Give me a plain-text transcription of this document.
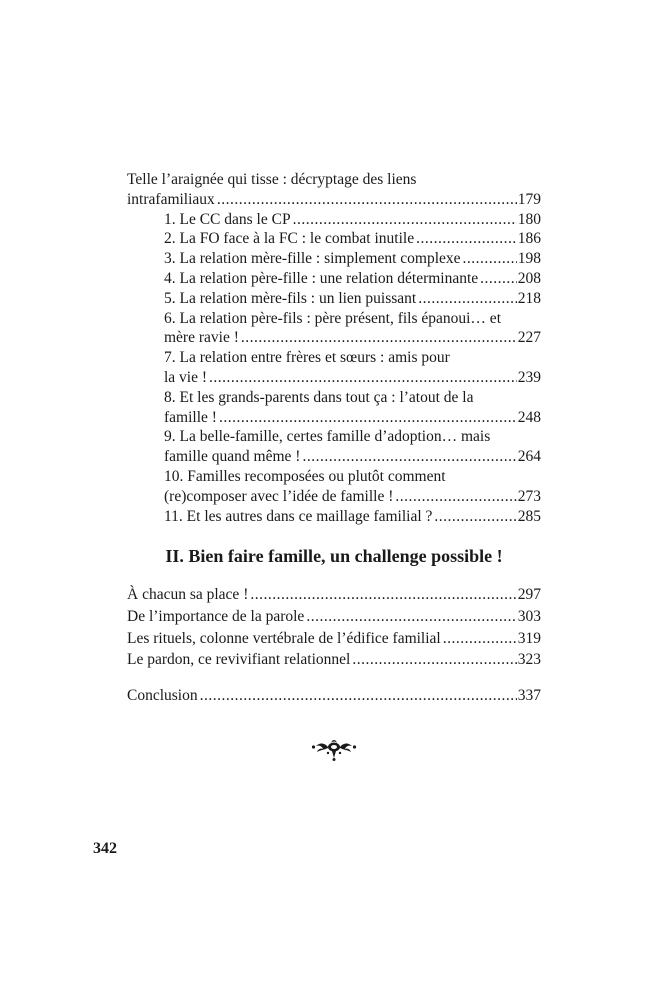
Telle l’araignée qui tisse : décryptage des liens
intrafamiliaux .....	179
1. Le CC dans le CP .....	180
2. La FO face à la FC : le combat inutile .....	186
3. La relation mère-fille : simplement complexe .....	198
4. La relation père-fille : une relation déterminante .....	208
5. La relation mère-fils : un lien puissant .....	218
6. La relation père-fils : père présent, fils épanoui… et
mère ravie ! .....	227
7. La relation entre frères et sœurs : amis pour
la vie ! .....	239
8. Et les grands-parents dans tout ça : l’atout de la
famille ! .....	248
9. La belle-famille, certes famille d’adoption… mais
famille quand même ! .....	264
10. Familles recomposées ou plutôt comment
(re)composer avec l’idée de famille ! .....	273
11. Et les autres dans ce maillage familial ? .....	285
II. Bien faire famille, un challenge possible !
À chacun sa place ! .....	297
De l’importance de la parole .....	303
Les rituels, colonne vertébrale de l’édifice familial .....	319
Le pardon, ce revivifiant relationnel .....	323
Conclusion .....	337
342
